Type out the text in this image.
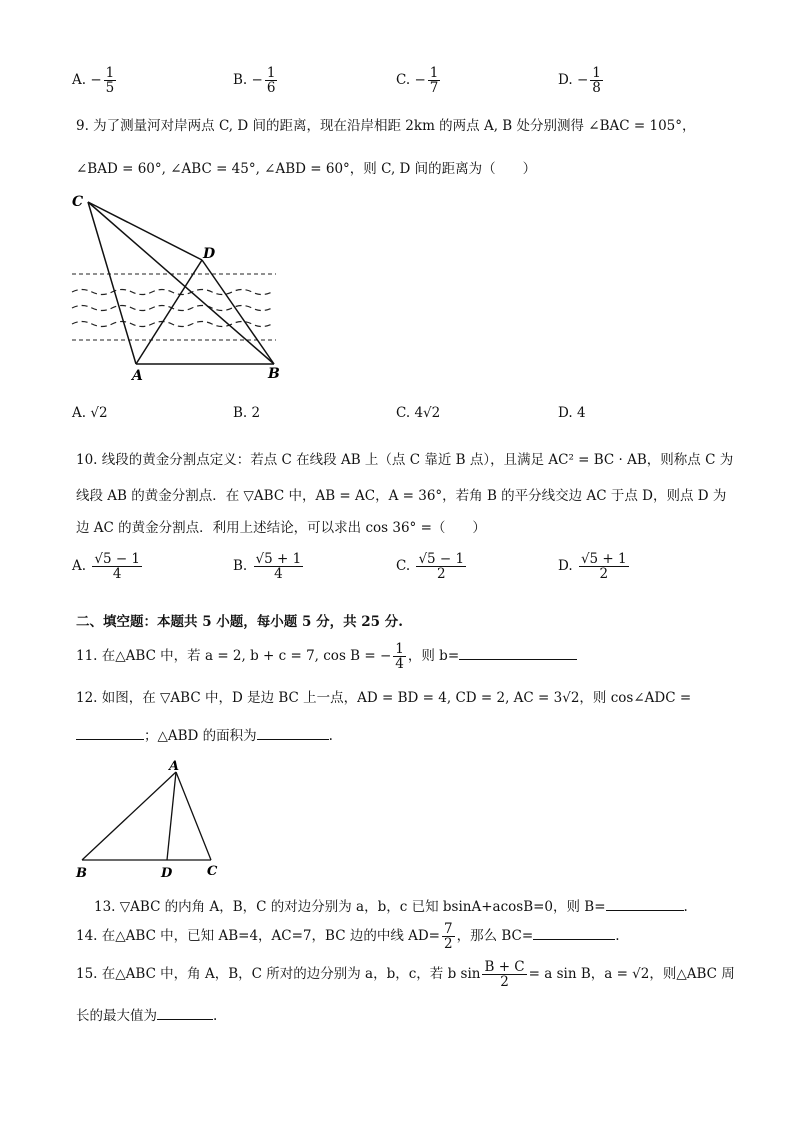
A. − $\frac{1}{5}$	B. − $\frac{1}{6}$	C. − $\frac{1}{7}$	D. − $\frac{1}{8}$
9. 为了测量河对岸两点 C, D 间的距离，现在沿岸相距 2km 的两点 A, B 处分别测得 ∠BAC = 105°，
∠BAD = 60°, ∠ABC = 45°, ∠ABD = 60°，则 C, D 间的距离为（　　）
C
D
A	B
A. √2	B. 2	C. 4√2	D. 4
10. 线段的黄金分割点定义：若点 C 在线段 AB 上（点 C 靠近 B 点），且满足 AC² = BC · AB，则称点 C 为
线段 AB 的黄金分割点．在 ▽ABC 中，AB = AC，A = 36°，若角 B 的平分线交边 AC 于点 D，则点 D 为
边 AC 的黄金分割点．利用上述结论，可以求出 cos 36° =（　　）
A. $\frac{√5 - 1}{4}$	B. $\frac{√5 + 1}{4}$	C. $\frac{√5 - 1}{2}$	D. $\frac{√5 + 1}{2}$
二、填空题：本题共 5 小题，每小题 5 分，共 25 分.
11. 在△ABC 中，若 a = 2, b + c = 7, cos B = − $\frac{1}{4}$ ，则 b=
12. 如图，在 ▽ABC 中，D 是边 BC 上一点，AD = BD = 4, CD = 2, AC = 3√2，则 cos∠ADC =
；△ABD 的面积为	.
A
B	D	C
13. ▽ABC 的内角 A，B，C 的对边分别为 a，b，c 已知 bsinA+acosB=0，则 B=	.
14. 在△ABC 中，已知 AB=4，AC=7，BC 边的中线 $AD= \frac{7}{2}$ ，那么 BC=	.
15. 在△ABC 中，角 A，B，C 所对的边分别为 a，b，c，若 b $\sin \frac{B + C}{2} = a$ sin B，a = √2，则△ABC 周
长的最大值为	.
